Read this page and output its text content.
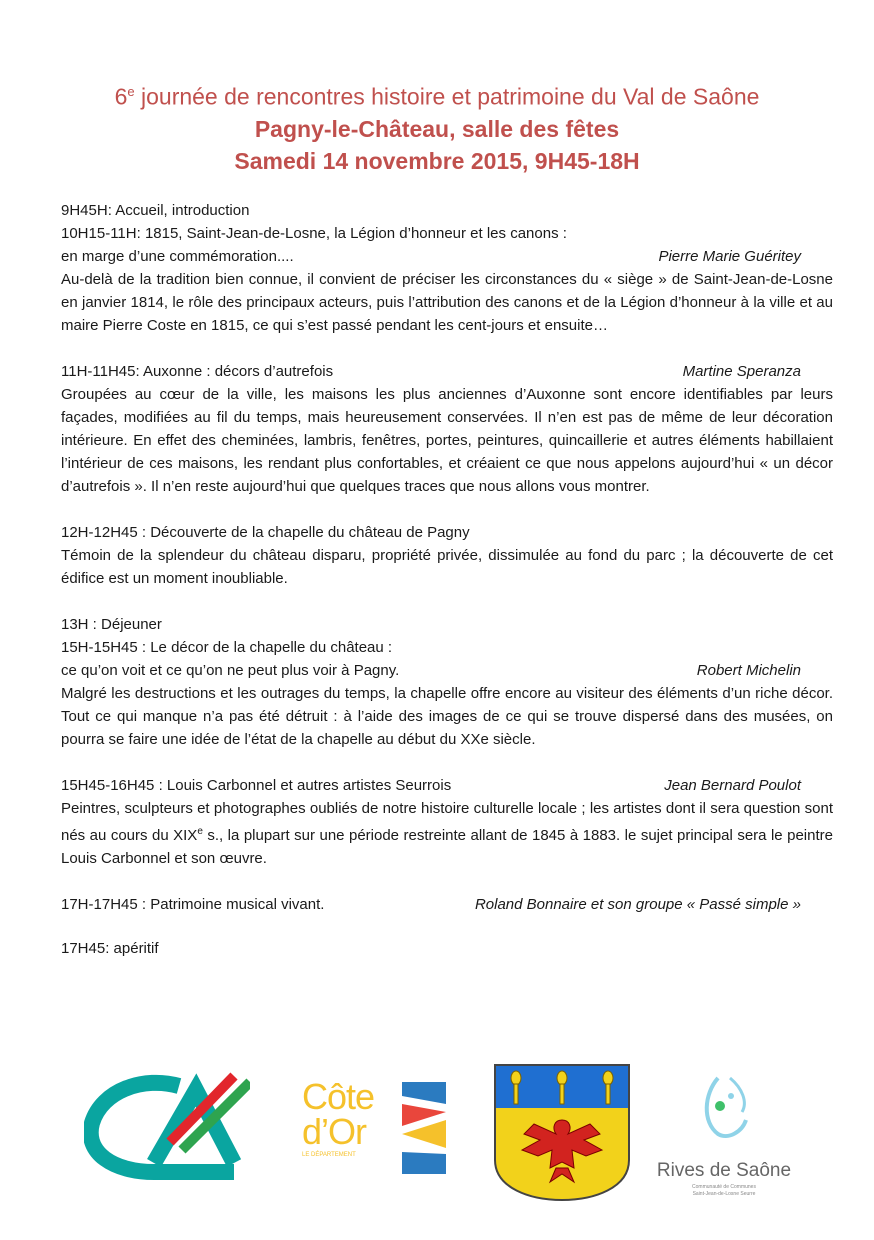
6e journée de rencontres histoire et patrimoine du Val de Saône
Pagny-le-Château, salle des fêtes
Samedi 14 novembre 2015, 9H45-18H

9H45H: Accueil, introduction

10H15-11H: 1815, Saint-Jean-de-Losne, la Légion d’honneur et les canons :

en marge d’une commémoration....	Pierre Marie Guéritey

Au-delà de la tradition bien connue, il convient de préciser les circonstances du « siège » de Saint-Jean-de-Losne en janvier 1814, le rôle des principaux acteurs, puis l’attribution des canons et de la Légion d’honneur à la ville et au maire Pierre Coste en 1815, ce qui s’est passé pendant les cent-jours et ensuite…

11H-11H45: Auxonne : décors d’autrefois	Martine Speranza

Groupées au cœur de la ville, les maisons les plus anciennes d’Auxonne sont encore identifiables par leurs façades, modifiées au fil du temps, mais heureusement conservées. Il n’en est pas de même de leur décoration intérieure. En effet des cheminées, lambris, fenêtres, portes, peintures, quincaillerie et autres éléments habillaient l’intérieur de ces maisons, les rendant plus confortables, et créaient ce que nous appelons aujourd’hui « un décor d’autrefois ». Il n’en reste aujourd’hui que quelques traces que nous allons vous montrer.

12H-12H45 : Découverte de la chapelle du château de Pagny

Témoin de la splendeur du château disparu, propriété privée, dissimulée au fond du parc ; la découverte de cet édifice est un moment inoubliable.

13H : Déjeuner

15H-15H45 : Le décor de la chapelle du château :

ce qu’on voit et ce qu’on ne peut plus voir à Pagny.	Robert Michelin

Malgré les destructions et les outrages du temps, la chapelle offre encore au visiteur des éléments d’un riche décor. Tout ce qui manque n’a pas été détruit : à l’aide des images de ce qui se trouve dispersé dans des musées, on pourra se faire une idée de l’état de la chapelle au début du XXe siècle.

15H45-16H45 : Louis Carbonnel et autres artistes Seurrois	Jean Bernard Poulot

Peintres, sculpteurs et photographes oubliés de notre histoire culturelle locale ; les artistes dont il sera question sont nés au cours du XIXe s., la plupart sur une période restreinte allant de 1845 à 1883. le sujet principal sera le peintre Louis Carbonnel et son œuvre.

17H-17H45 : Patrimoine musical vivant.	Roland Bonnaire et son groupe « Passé simple »

17H45: apéritif

Côte
d’Or
LE DÉPARTEMENT
Rives de Saône
Communauté de Communes
Saint-Jean-de-Losne Seurre
